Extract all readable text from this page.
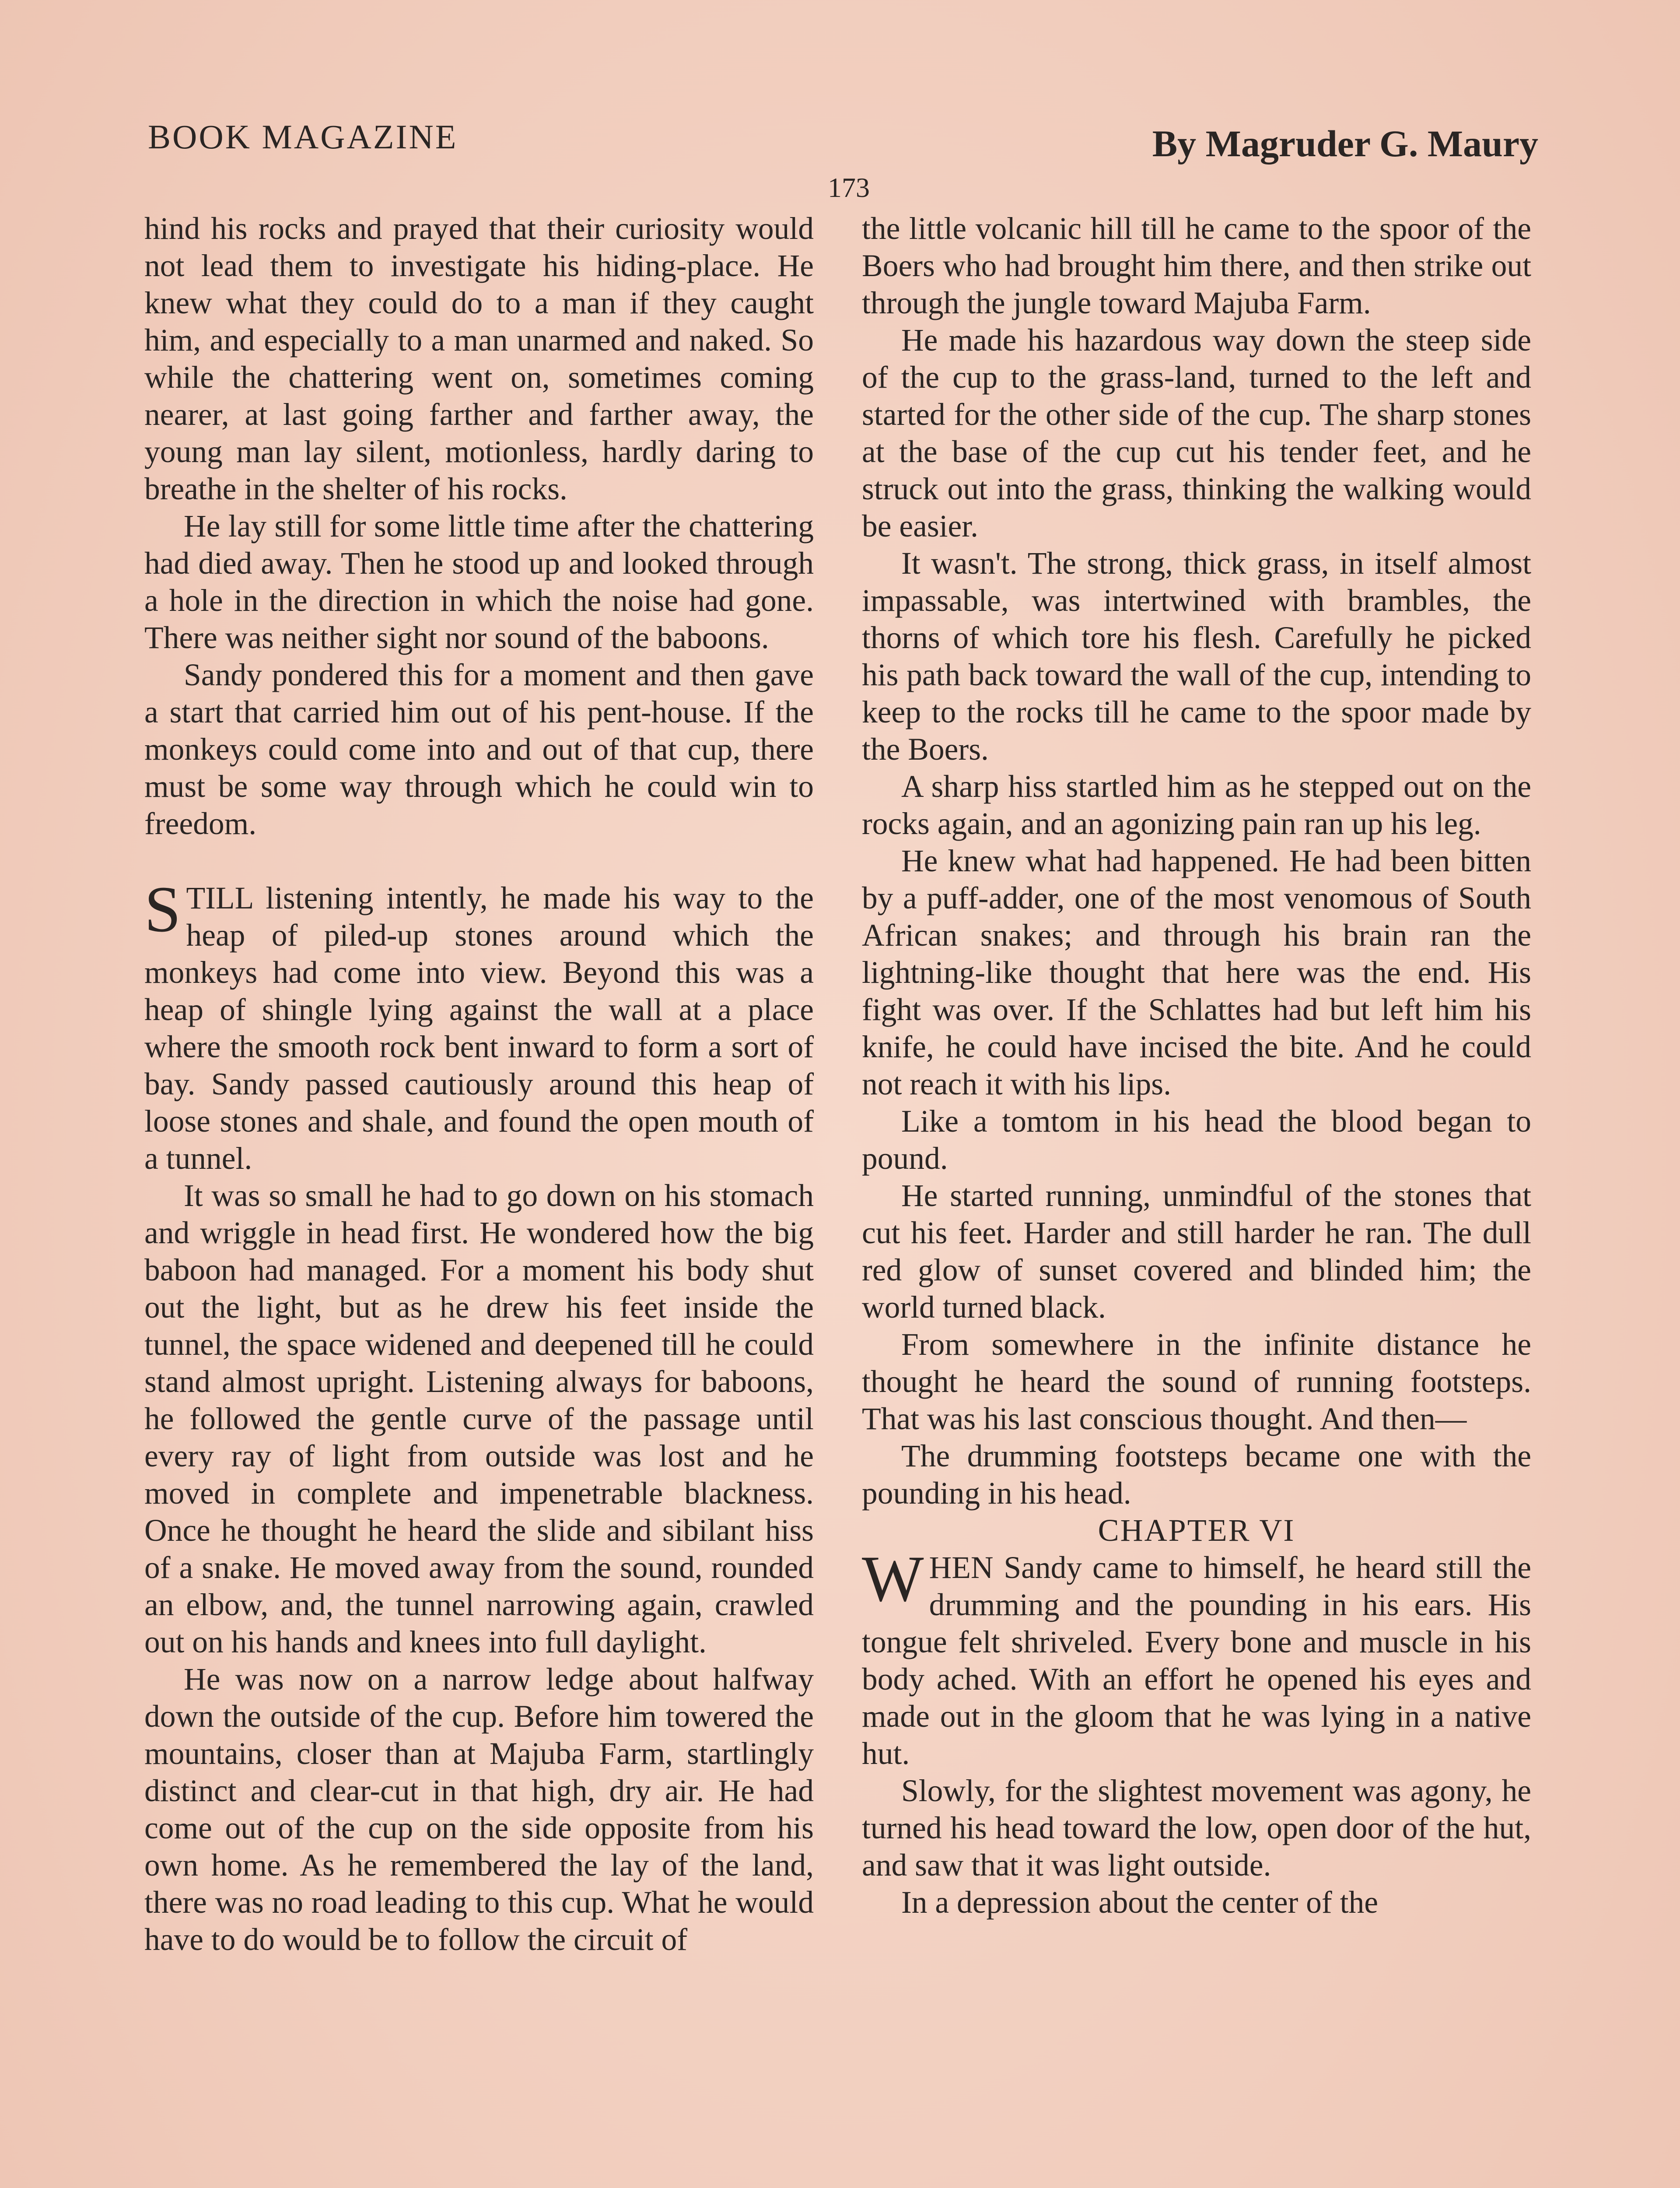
BOOK MAGAZINE	By Magruder G. Maury
173

hind his rocks and prayed that their curiosity would not lead them to investigate his hiding-place. He knew what they could do to a man if they caught him, and especially to a man unarmed and naked. So while the chattering went on, sometimes coming nearer, at last going farther and farther away, the young man lay silent, motionless, hardly daring to breathe in the shelter of his rocks.

He lay still for some little time after the chattering had died away. Then he stood up and looked through a hole in the direction in which the noise had gone. There was neither sight nor sound of the baboons.

Sandy pondered this for a moment and then gave a start that carried him out of his pent-house. If the monkeys could come into and out of that cup, there must be some way through which he could win to freedom.

STILL listening intently, he made his way to the heap of piled-up stones around which the monkeys had come into view. Beyond this was a heap of shingle lying against the wall at a place where the smooth rock bent inward to form a sort of bay. Sandy passed cautiously around this heap of loose stones and shale, and found the open mouth of a tunnel.

It was so small he had to go down on his stomach and wriggle in head first. He wondered how the big baboon had managed. For a moment his body shut out the light, but as he drew his feet inside the tunnel, the space widened and deepened till he could stand almost upright. Listening always for baboons, he followed the gentle curve of the passage until every ray of light from outside was lost and he moved in complete and impenetrable blackness. Once he thought he heard the slide and sibilant hiss of a snake. He moved away from the sound, rounded an elbow, and, the tunnel narrowing again, crawled out on his hands and knees into full daylight.

He was now on a narrow ledge about halfway down the outside of the cup. Before him towered the mountains, closer than at Majuba Farm, startlingly distinct and clear-cut in that high, dry air. He had come out of the cup on the side opposite from his own home. As he remembered the lay of the land, there was no road leading to this cup. What he would have to do would be to follow the circuit of

the little volcanic hill till he came to the spoor of the Boers who had brought him there, and then strike out through the jungle toward Majuba Farm.

He made his hazardous way down the steep side of the cup to the grass-land, turned to the left and started for the other side of the cup. The sharp stones at the base of the cup cut his tender feet, and he struck out into the grass, thinking the walking would be easier.

It wasn't. The strong, thick grass, in itself almost impassable, was intertwined with brambles, the thorns of which tore his flesh. Carefully he picked his path back toward the wall of the cup, intending to keep to the rocks till he came to the spoor made by the Boers.

A sharp hiss startled him as he stepped out on the rocks again, and an agonizing pain ran up his leg.

He knew what had happened. He had been bitten by a puff-adder, one of the most venomous of South African snakes; and through his brain ran the lightning-like thought that here was the end. His fight was over. If the Schlattes had but left him his knife, he could have incised the bite. And he could not reach it with his lips.

Like a tomtom in his head the blood began to pound.

He started running, unmindful of the stones that cut his feet. Harder and still harder he ran. The dull red glow of sunset covered and blinded him; the world turned black.

From somewhere in the infinite distance he thought he heard the sound of running footsteps. That was his last conscious thought. And then—

The drumming footsteps became one with the pounding in his head.

CHAPTER VI

WHEN Sandy came to himself, he heard still the drumming and the pounding in his ears. His tongue felt shriveled. Every bone and muscle in his body ached. With an effort he opened his eyes and made out in the gloom that he was lying in a native hut.

Slowly, for the slightest movement was agony, he turned his head toward the low, open door of the hut, and saw that it was light outside.

In a depression about the center of the
